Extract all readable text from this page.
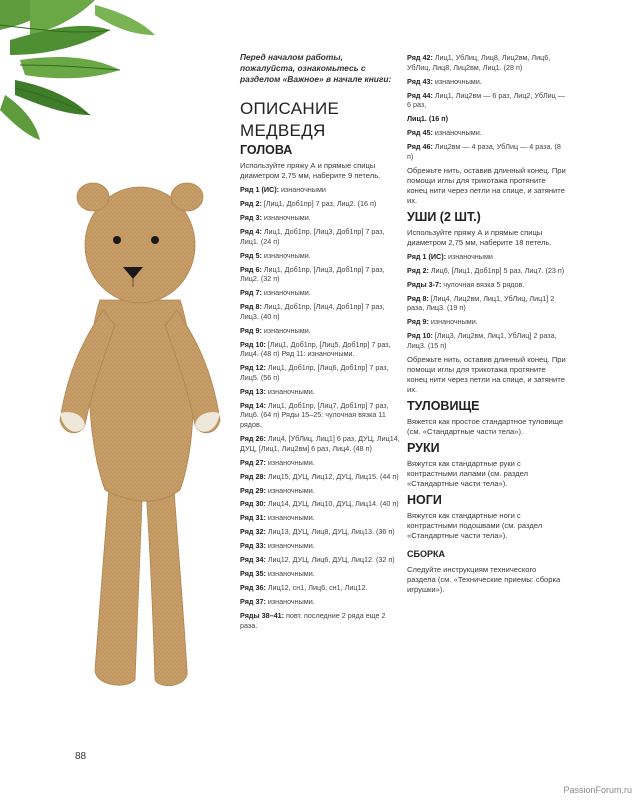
Перед началом работы, пожалуйста, ознакомьтесь с разделом «Важное» в начале книги:

ОПИСАНИЕ
МЕДВЕДЯ
ГОЛОВА

Используйте пряжу А и прямые спицы диаметром 2,75 мм, наберите 9 петель.

Ряд 1 (ИС): изнаночными

Ряд 2: [Лиц1, Доб1пр] 7 раз, Лиц2. (16 п)

Ряд 3: изнаночными.

Ряд 4: Лиц1, Доб1пр, [Лиц3, Доб1пр] 7 раз, Лиц1. (24 п)

Ряд 5: изнаночными.

Ряд 6: Лиц1, Доб1пр, [Лиц3, Доб1пр] 7 раз, Лиц2. (32 п)

Ряд 7: изнаночными.

Ряд 8: Лиц1, Доб1пр, [Лиц4, Доб1пр] 7 раз, Лиц3. (40 п)

Ряд 9: изнаночными.

Ряд 10: [Лиц1, Доб1пр, [Лиц5, Доб1пр] 7 раз, Лиц4. (48 п) Ряд 11: изнаночными.

Ряд 12: Лиц1, Доб1пр, [Лиц6, Доб1пр] 7 раз, Лиц5. (56 п)

Ряд 13: изнаночными.

Ряд 14: Лиц1, Доб1пр, [Лиц7, Доб1пр] 7 раз, Лиц6. (64 п) Ряды 15–25: чулочная вязка 11 рядов.

Ряд 26: Лиц4, [УбЛиц, Лиц1] 6 раз, ДУЦ, Лиц14, ДУЦ, [Лиц1, Лиц2вм] 6 раз, Лиц4. (48 п)

Ряд 27: изнаночными.

Ряд 28: Лиц15, ДУЦ, Лиц12, ДУЦ, Лиц15. (44 п)

Ряд 29: изнаночными.

Ряд 30: Лиц14, ДУЦ, Лиц10, ДУЦ, Лиц14. (40 п)

Ряд 31: изнаночными.

Ряд 32: Лиц13, ДУЦ, Лиц8, ДУЦ, Лиц13. (36 п)

Ряд 33: изнаночными.

Ряд 34: Лиц12, ДУЦ, Лиц6, ДУЦ, Лиц12. (32 п)

Ряд 35: изнаночными.

Ряд 36: Лиц12, сн1, Лиц6, сн1, Лиц12.

Ряд 37: изнаночными.

Ряды 38–41: повт. последние 2 ряда еще 2 раза.

Ряд 42: Лиц1, УбЛиц, Лиц8, Лиц2вм, Лиц6, УбЛиц, Лиц8, Лиц2вм, Лиц1. (28 п)

Ряд 43: изнаночными.

Ряд 44: Лиц1, Лиц2вм — 6 раз, Лиц2, УбЛиц — 6 раз,

Лиц1. (16 п)

Ряд 45: изнаночными.

Ряд 46: Лиц2вм — 4 раза, УбЛиц — 4 раза. (8 п)

Обрежьте нить, оставив длинный конец. При помощи иглы для трикотажа протяните конец нити через петли на спице, и затяните их.

УШИ (2 ШТ.)

Используйте пряжу А и прямые спицы диаметром 2,75 мм, наберите 18 петель.

Ряд 1 (ИС): изнаночными

Ряд 2: Лиц6, [Лиц1, Доб1пр] 5 раз, Лиц7. (23 п)

Ряды 3-7: чулочная вязка 5 рядов.

Ряд 8: [Лиц4, Лиц2вм, Лиц1, УбЛиц, Лиц1] 2 раза, Лиц3. (19 п)

Ряд 9: изнаночными.

Ряд 10: [Лиц3, Лиц2вм, Лиц1, УбЛиц] 2 раза, Лиц3. (15 п)

Обрежьте нить, оставив длинный конец. При помощи иглы для трикотажа протяните конец нити через петли на спице, и затяните их.

ТУЛОВИЩЕ

Вяжется как простое стандартное туловище (см. «Стандартные части тела»).

РУКИ

Вяжутся как стандартные руки с контрастными лапами (см. раздел «Стандартные части тела»).

НОГИ

Вяжутся как стандартные ноги с контрастными подошвами (см. раздел «Стандартные части тела»).

СБОРКА

Следуйте инструкциям технического раздела (см. «Технические приемы: сборка игрушки»).

88
PassionForum.ru
